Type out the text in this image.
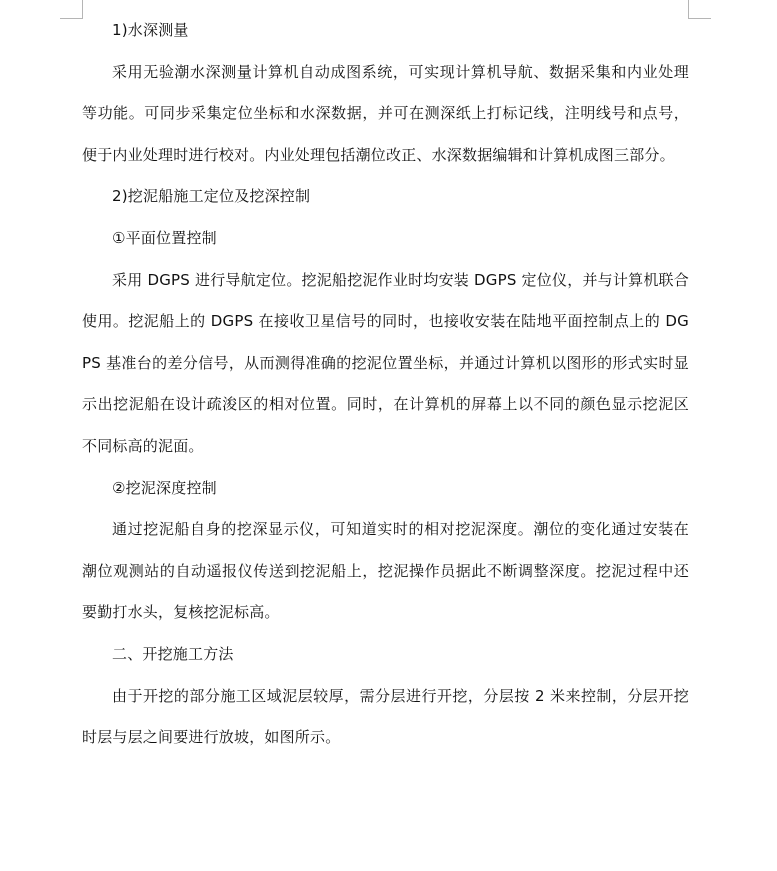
1)水深测量

采用无验潮水深测量计算机自动成图系统，可实现计算机导航、数据采集和内业处理等功能。可同步采集定位坐标和水深数据，并可在测深纸上打标记线，注明线号和点号，便于内业处理时进行校对。内业处理包括潮位改正、水深数据编辑和计算机成图三部分。

2)挖泥船施工定位及挖深控制

①平面位置控制

采用 DGPS 进行导航定位。挖泥船挖泥作业时均安装 DGPS 定位仪，并与计算机联合使用。挖泥船上的 DGPS 在接收卫星信号的同时，也接收安装在陆地平面控制点上的 DGPS 基准台的差分信号，从而测得准确的挖泥位置坐标，并通过计算机以图形的形式实时显示出挖泥船在设计疏浚区的相对位置。同时，在计算机的屏幕上以不同的颜色显示挖泥区不同标高的泥面。

②挖泥深度控制

通过挖泥船自身的挖深显示仪，可知道实时的相对挖泥深度。潮位的变化通过安装在潮位观测站的自动遥报仪传送到挖泥船上，挖泥操作员据此不断调整深度。挖泥过程中还要勤打水头，复核挖泥标高。

二、开挖施工方法

由于开挖的部分施工区域泥层较厚，需分层进行开挖，分层按 2 米来控制，分层开挖时层与层之间要进行放坡，如图所示。
